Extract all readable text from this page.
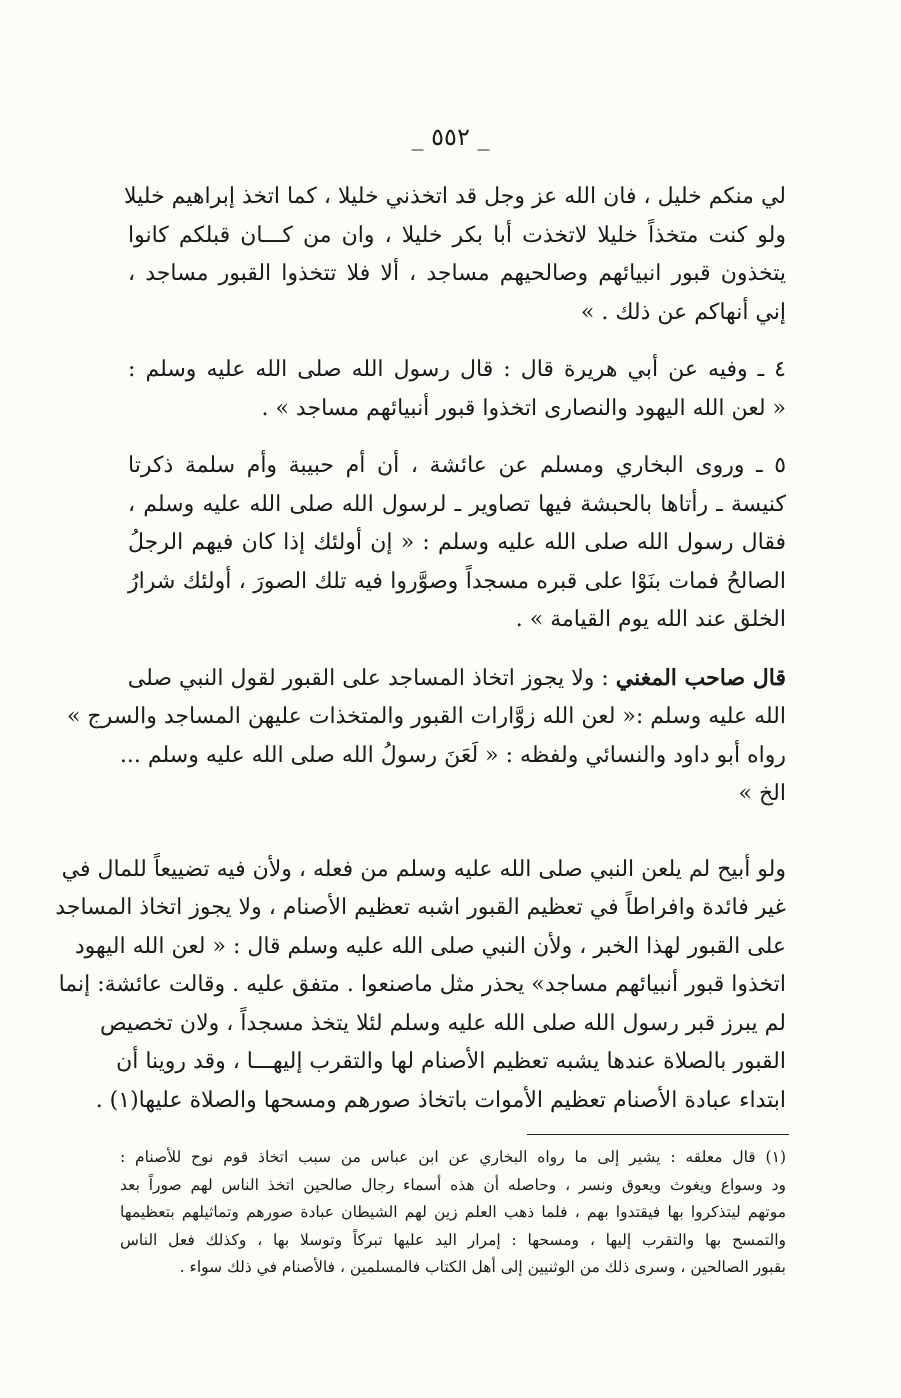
_ ٥٥٢ _
لي منكم خليل ، فان الله عز وجل قد اتخذني خليلا ، كما اتخذ إبراهيم خليلا
ولو كنت متخذاً خليلا لاتخذت أبا بكر خليلا ، وان من كـــان قبلكم كانوا
يتخذون قبور انبيائهم وصالحيهم مساجد ، ألا فلا تتخذوا القبور مساجد ،
إني أنهاكم عن ذلك . »
٤ ـ وفيه عن أبي هريرة قال : قال رسول الله صلى الله عليه وسلم :
« لعن الله اليهود والنصارى اتخذوا قبور أنبيائهم مساجد » .
٥ ـ وروى البخاري ومسلم عن عائشة ، أن أم حبيبة وأم سلمة ذكرتا
كنيسة ـ رأتاها بالحبشة فيها تصاوير ـ لرسول الله صلى الله عليه وسلم ،
فقال رسول الله صلى الله عليه وسلم : « إن أولئك إذا كان فيهم الرجلُ
الصالحُ فمات بنَوْا على قبره مسجداً وصوَّروا فيه تلك الصورَ ، أولئك شرارُ
الخلق عند الله يوم القيامة » .
قال صاحب المغني : ولا يجوز اتخاذ المساجد على القبور لقول النبي صلى
الله عليه وسلم :« لعن الله زوَّارات القبور والمتخذات عليهن المساجد والسرج »
رواه أبو داود والنسائي ولفظه : « لَعَنَ رسولُ الله صلى الله عليه وسلم ...
الخ »
ولو أبيح لم يلعن النبي صلى الله عليه وسلم من فعله ، ولأن فيه تضييعاً للمال في
غير فائدة وافراطاً في تعظيم القبور اشبه تعظيم الأصنام ، ولا يجوز اتخاذ المساجد
على القبور لهذا الخبر ، ولأن النبي صلى الله عليه وسلم قال : « لعن الله اليهود
اتخذوا قبور أنبيائهم مساجد» يحذر مثل ماصنعوا . متفق عليه . وقالت عائشة: إنما
لم يبرز قبر رسول الله صلى الله عليه وسلم لئلا يتخذ مسجداً ، ولان تخصيص
القبور بالصلاة عندها يشبه تعظيم الأصنام لها والتقرب إليهـــا ، وقد روينا أن
ابتداء عبادة الأصنام تعظيم الأموات باتخاذ صورهم ومسحها والصلاة عليها(١) .
(١) قال معلقه : يشير إلى ما رواه البخاري عن ابن عباس من سبب اتخاذ قوم نوح للأصنام :
ود وسواع ويغوث ويعوق ونسر ، وحاصله أن هذه أسماء رجال صالحين اتخذ الناس لهم صوراً بعد
موتهم ليتذكروا بها فيقتدوا بهم ، فلما ذهب العلم زين لهم الشيطان عبادة صورهم وتماثيلهم بتعظيمها
والتمسح بها والتقرب إليها ، ومسحها : إمرار اليد عليها تبركاً وتوسلا بها ، وكذلك فعل الناس
بقبور الصالحين ، وسرى ذلك من الوثنيين إلى أهل الكتاب فالمسلمين ، فالأصنام في ذلك سواء .
